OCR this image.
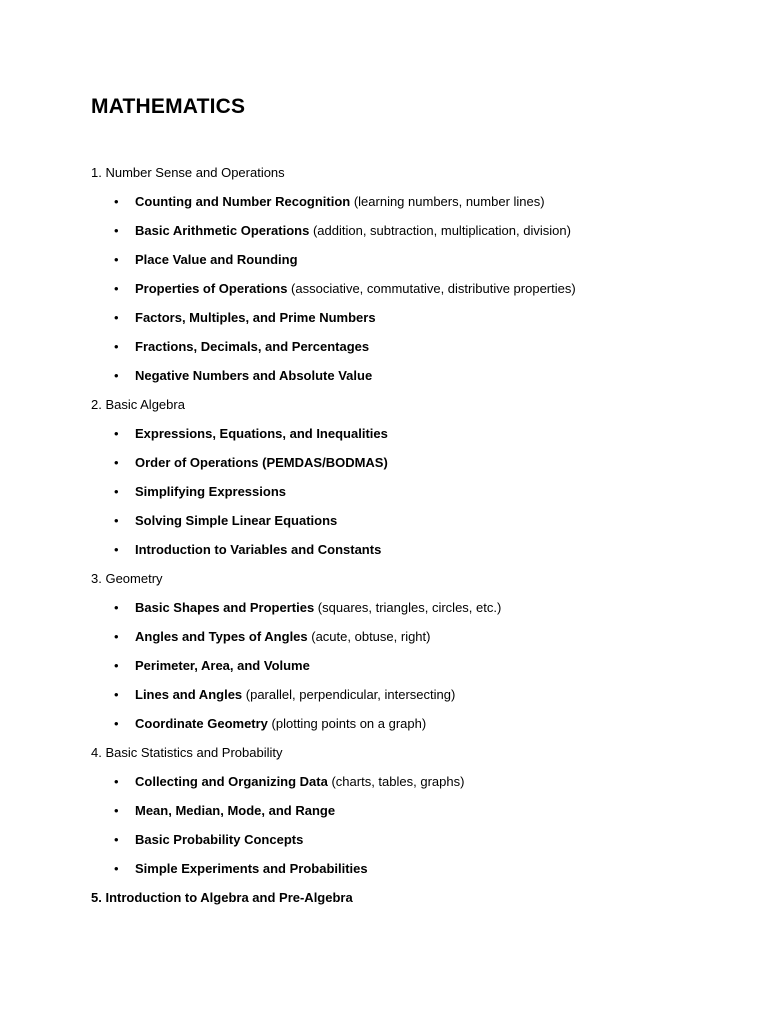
MATHEMATICS
1. Number Sense and Operations
• Counting and Number Recognition (learning numbers, number lines)
• Basic Arithmetic Operations (addition, subtraction, multiplication, division)
• Place Value and Rounding
• Properties of Operations (associative, commutative, distributive properties)
• Factors, Multiples, and Prime Numbers
• Fractions, Decimals, and Percentages
• Negative Numbers and Absolute Value
2. Basic Algebra
• Expressions, Equations, and Inequalities
• Order of Operations (PEMDAS/BODMAS)
• Simplifying Expressions
• Solving Simple Linear Equations
• Introduction to Variables and Constants
3. Geometry
• Basic Shapes and Properties (squares, triangles, circles, etc.)
• Angles and Types of Angles (acute, obtuse, right)
• Perimeter, Area, and Volume
• Lines and Angles (parallel, perpendicular, intersecting)
• Coordinate Geometry (plotting points on a graph)
4. Basic Statistics and Probability
• Collecting and Organizing Data (charts, tables, graphs)
• Mean, Median, Mode, and Range
• Basic Probability Concepts
• Simple Experiments and Probabilities
5. Introduction to Algebra and Pre-Algebra
